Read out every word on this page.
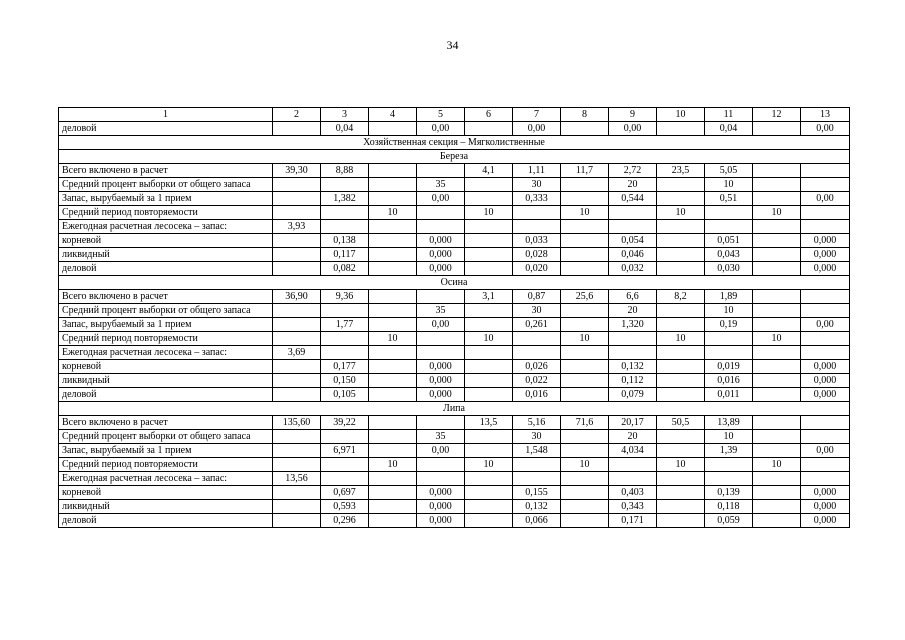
34
1	2	3	4	5	6	7	8	9	10	11	12	13
деловой		0,04		0,00		0,00		0,00		0,04		0,00
Хозяйственная секция – Мягколиственные												
Береза												
Всего включено в расчет	39,30	8,88			4,1	1,11	11,7	2,72	23,5	5,05		
Средний процент выборки от общего запаса				35		30		20		10		
Запас, вырубаемый за 1 прием		1,382		0,00		0,333		0,544		0,51		0,00
Средний период повторяемости			10		10		10		10		10	
Ежегодная расчетная лесосека – запас:	3,93											
корневой		0,138		0,000		0,033		0,054		0,051		0,000
ликвидный		0,117		0,000		0,028		0,046		0,043		0,000
деловой		0,082		0,000		0,020		0,032		0,030		0,000
Осина												
Всего включено в расчет	36,90	9,36			3,1	0,87	25,6	6,6	8,2	1,89		
Средний процент выборки от общего запаса				35		30		20		10		
Запас, вырубаемый за 1 прием		1,77		0,00		0,261		1,320		0,19		0,00
Средний период повторяемости			10		10		10		10		10	
Ежегодная расчетная лесосека – запас:	3,69											
корневой		0,177		0,000		0,026		0,132		0,019		0,000
ликвидный		0,150		0,000		0,022		0,112		0,016		0,000
деловой		0,105		0,000		0,016		0,079		0,011		0,000
Липа												
Всего включено в расчет	135,60	39,22			13,5	5,16	71,6	20,17	50,5	13,89		
Средний процент выборки от общего запаса				35		30		20		10		
Запас, вырубаемый за 1 прием		6,971		0,00		1,548		4,034		1,39		0,00
Средний период повторяемости			10		10		10		10		10	
Ежегодная расчетная лесосека – запас:	13,56											
корневой		0,697		0,000		0,155		0,403		0,139		0,000
ликвидный		0,593		0,000		0,132		0,343		0,118		0,000
деловой		0,296		0,000		0,066		0,171		0,059		0,000
